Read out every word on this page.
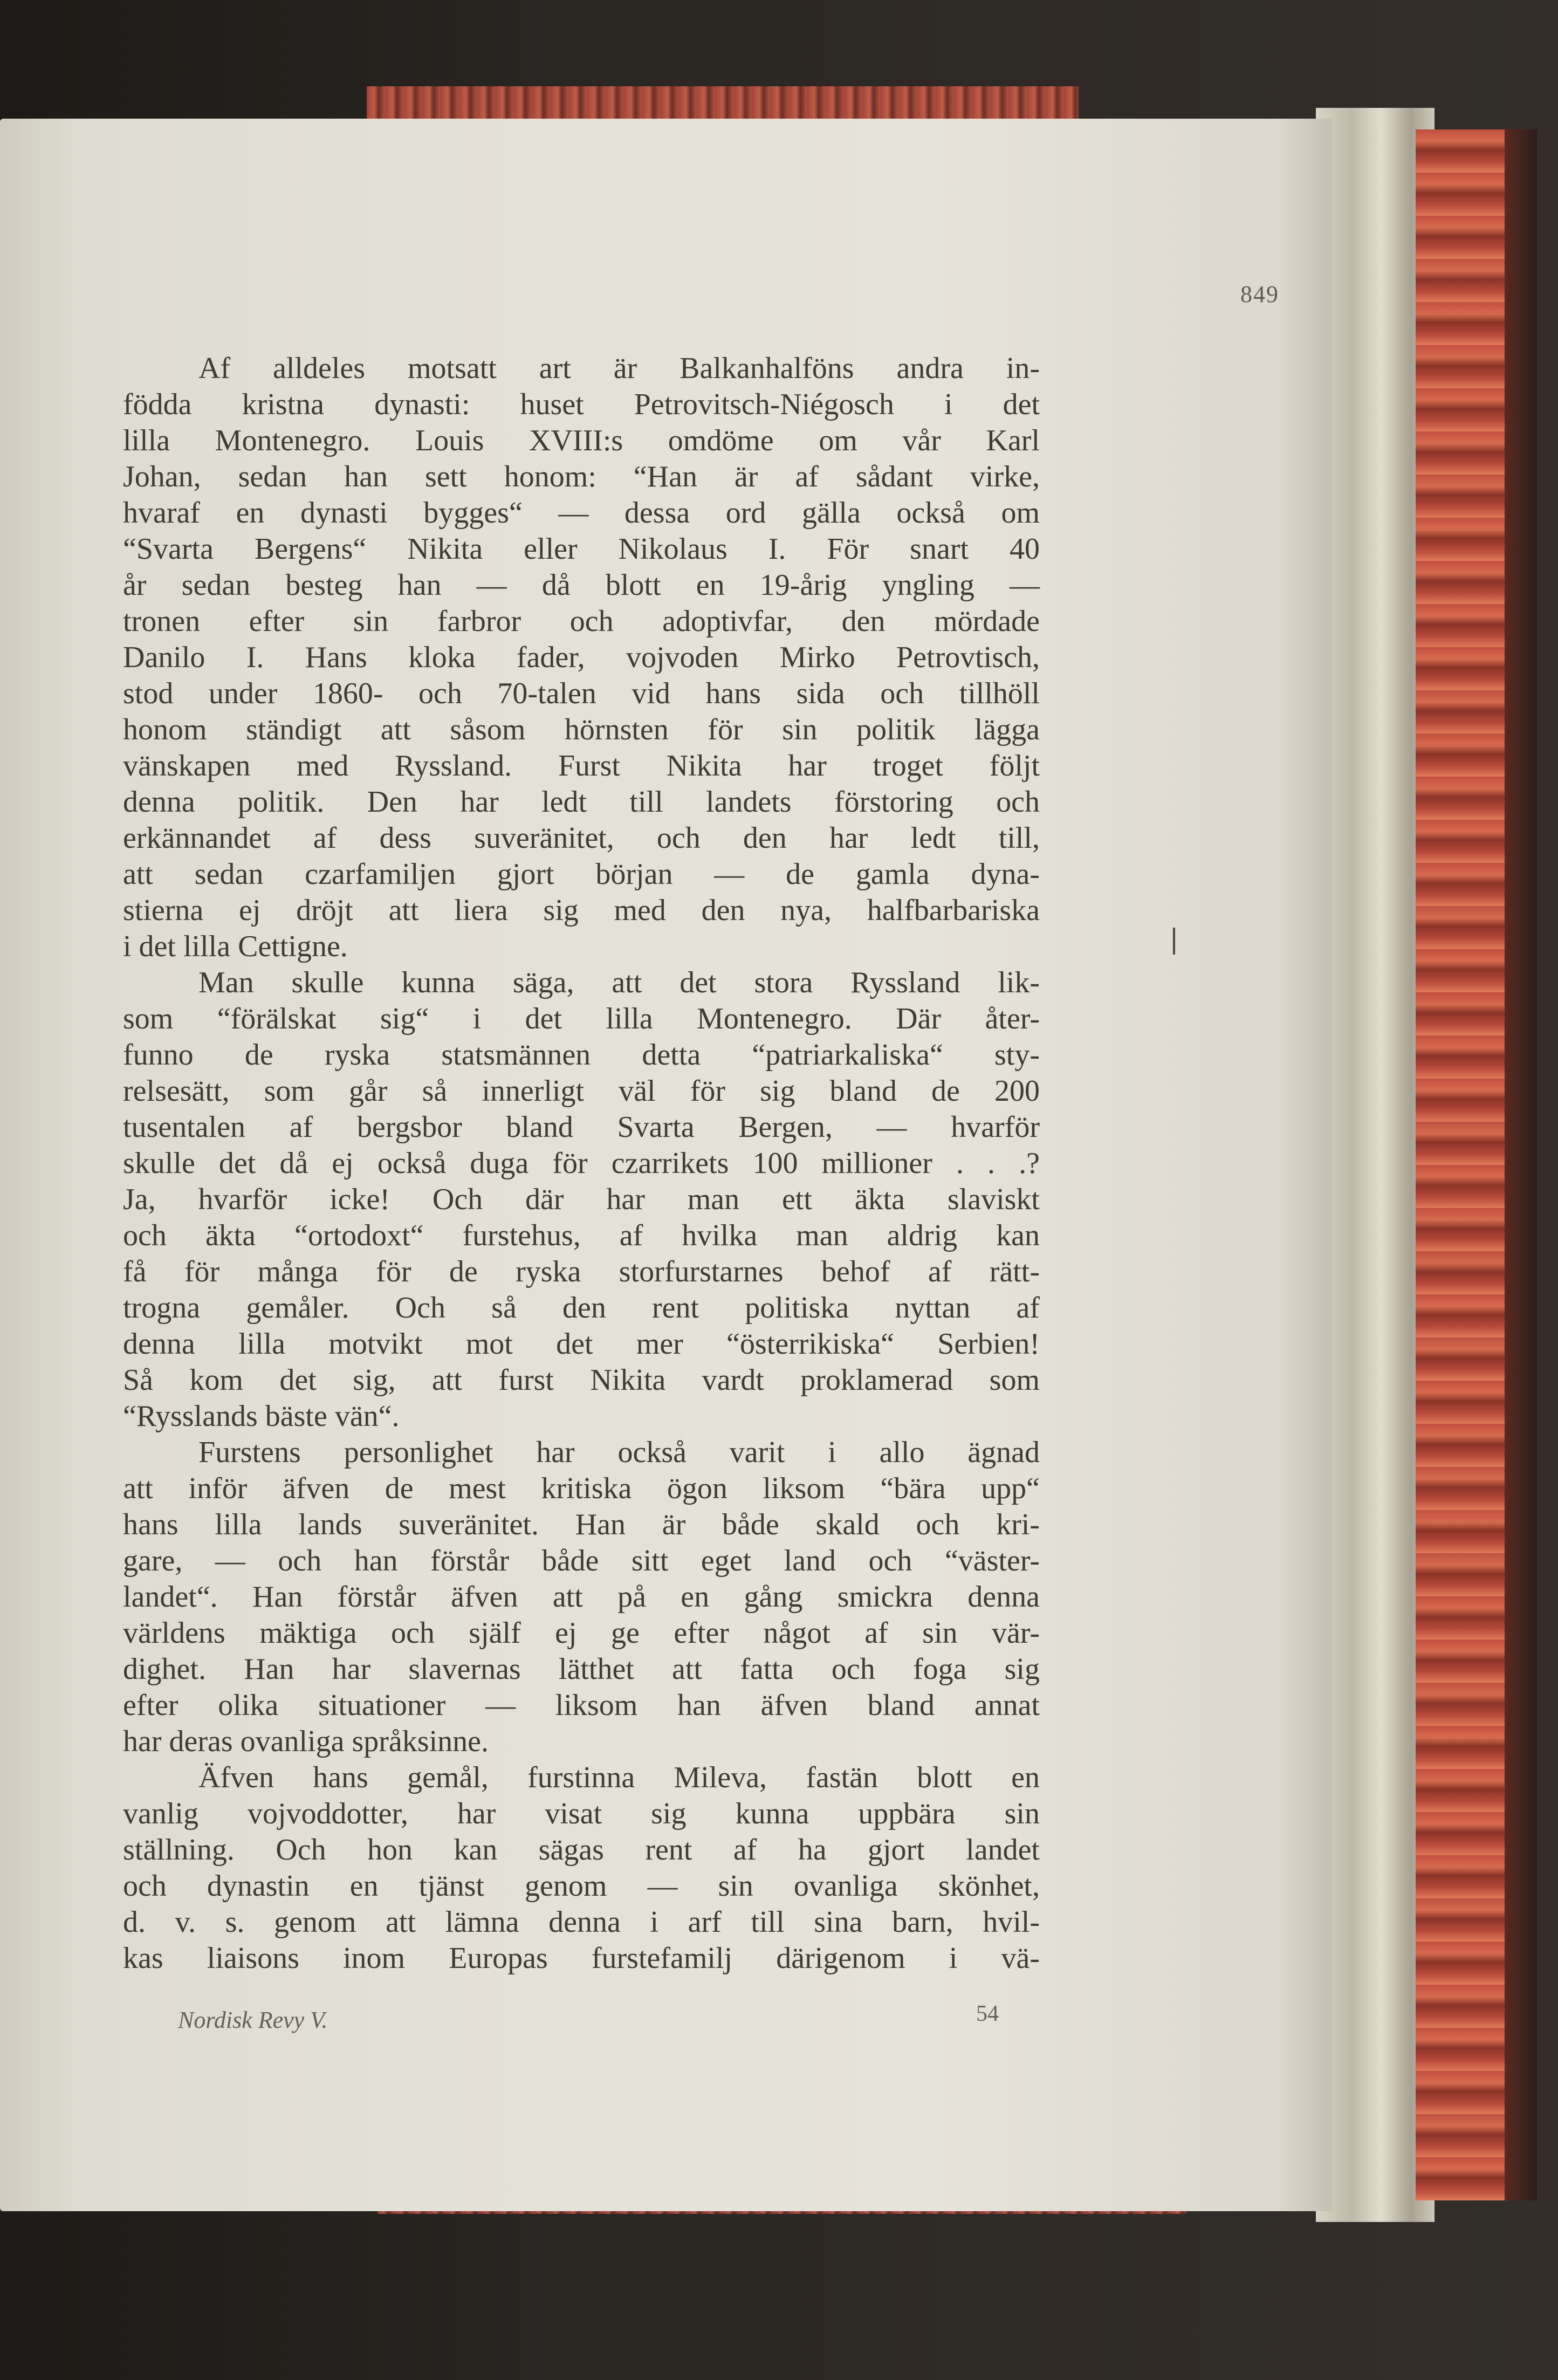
849
Af alldeles motsatt art är Balkanhalföns andra in-
födda kristna dynasti: huset Petrovitsch-Niégosch i det
lilla Montenegro. Louis XVIII:s omdöme om vår Karl
Johan, sedan han sett honom: “Han är af sådant virke,
hvaraf en dynasti bygges“ — dessa ord gälla också om
“Svarta Bergens“ Nikita eller Nikolaus I. För snart 40
år sedan besteg han — då blott en 19-årig yngling —
tronen efter sin farbror och adoptivfar, den mördade
Danilo I. Hans kloka fader, vojvoden Mirko Petrovtisch,
stod under 1860- och 70-talen vid hans sida och tillhöll
honom ständigt att såsom hörnsten för sin politik lägga
vänskapen med Ryssland. Furst Nikita har troget följt
denna politik. Den har ledt till landets förstoring och
erkännandet af dess suveränitet, och den har ledt till,
att sedan czarfamiljen gjort början — de gamla dyna-
stierna ej dröjt att liera sig med den nya, halfbarbariska
i det lilla Cettigne.
Man skulle kunna säga, att det stora Ryssland lik-
som “förälskat sig“ i det lilla Montenegro. Där åter-
funno de ryska statsmännen detta “patriarkaliska“ sty-
relsesätt, som går så innerligt väl för sig bland de 200
tusentalen af bergsbor bland Svarta Bergen, — hvarför
skulle det då ej också duga för czarrikets 100 millioner . . .?
Ja, hvarför icke! Och där har man ett äkta slaviskt
och äkta “ortodoxt“ furstehus, af hvilka man aldrig kan
få för många för de ryska storfurstarnes behof af rätt-
trogna gemåler. Och så den rent politiska nyttan af
denna lilla motvikt mot det mer “österrikiska“ Serbien!
Så kom det sig, att furst Nikita vardt proklamerad som
“Rysslands bäste vän“.
Furstens personlighet har också varit i allo ägnad
att inför äfven de mest kritiska ögon liksom “bära upp“
hans lilla lands suveränitet. Han är både skald och kri-
gare, — och han förstår både sitt eget land och “väster-
landet“. Han förstår äfven att på en gång smickra denna
världens mäktiga och själf ej ge efter något af sin vär-
dighet. Han har slavernas lätthet att fatta och foga sig
efter olika situationer — liksom han äfven bland annat
har deras ovanliga språksinne.
Äfven hans gemål, furstinna Mileva, fastän blott en
vanlig vojvoddotter, har visat sig kunna uppbära sin
ställning. Och hon kan sägas rent af ha gjort landet
och dynastin en tjänst genom — sin ovanliga skönhet,
d. v. s. genom att lämna denna i arf till sina barn, hvil-
kas liaisons inom Europas furstefamilj därigenom i vä-
Nordisk Revy V.	54
